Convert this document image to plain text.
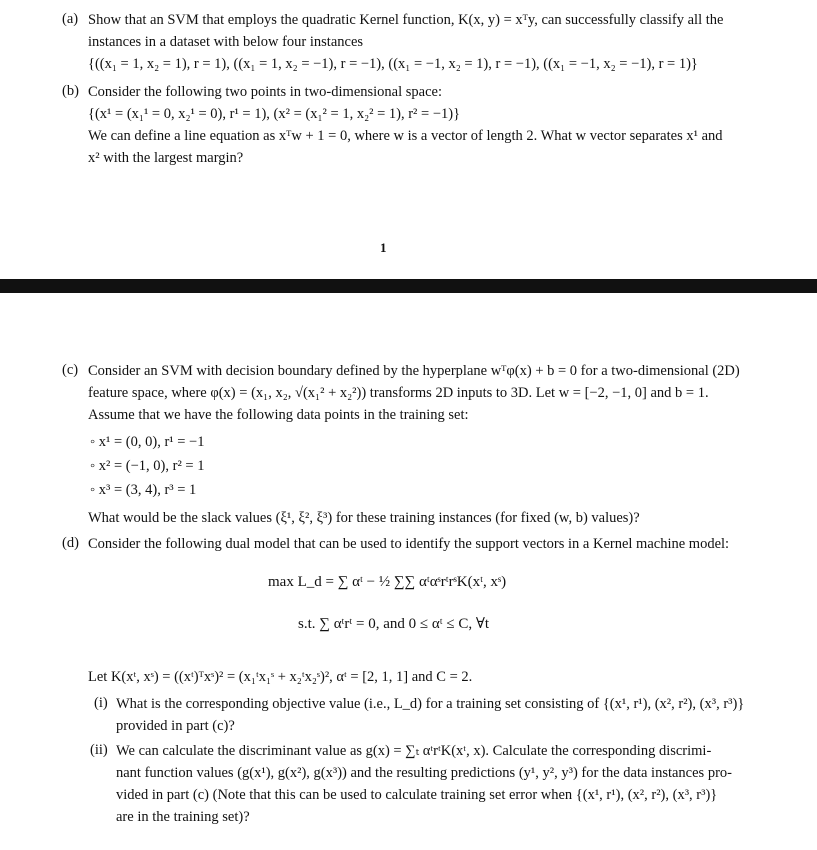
(a) Show that an SVM that employs the quadratic Kernel function, K(x, y) = xᵀy, can successfully classify all the
instances in a dataset with below four instances
{((x₁ = 1, x₂ = 1), r = 1), ((x₁ = 1, x₂ = −1), r = −1), ((x₁ = −1, x₂ = 1), r = −1), ((x₁ = −1, x₂ = −1), r = 1)}
(b) Consider the following two points in two-dimensional space:
{(x¹ = (x₁¹ = 0, x₂¹ = 0), r¹ = 1), (x² = (x₁² = 1, x₂² = 1), r² = −1)}
We can define a line equation as xᵀw + 1 = 0, where w is a vector of length 2. What w vector separates x¹ and
x² with the largest margin?
1
(c) Consider an SVM with decision boundary defined by the hyperplane wᵀφ(x) + b = 0 for a two-dimensional (2D)
feature space, where φ(x) = (x₁, x₂, √(x₁² + x₂²)) transforms 2D inputs to 3D. Let w = [−2, −1, 0] and b = 1.
Assume that we have the following data points in the training set:
◦ x¹ = (0, 0), r¹ = −1
◦ x² = (−1, 0), r² = 1
◦ x³ = (3, 4), r³ = 1
What would be the slack values (ξ¹, ξ², ξ³) for these training instances (for fixed (w, b) values)?
(d) Consider the following dual model that can be used to identify the support vectors in a Kernel machine model:
max L_d = ∑ αᵗ − ½ ∑∑ αᵗαˢrᵗrˢK(xᵗ, xˢ)
s.t. ∑ αᵗrᵗ = 0, and 0 ≤ αᵗ ≤ C, ∀t
Let K(xᵗ, xˢ) = ((xᵗ)ᵀxˢ)² = (x₁ᵗx₁ˢ + x₂ᵗx₂ˢ)², αᵗ = [2, 1, 1] and C = 2.
(i) What is the corresponding objective value (i.e., L_d) for a training set consisting of {(x¹, r¹), (x², r²), (x³, r³)}
provided in part (c)?
(ii) We can calculate the discriminant value as g(x) = ∑ₜ αᵗrᵗK(xᵗ, x). Calculate the corresponding discrimi-
nant function values (g(x¹), g(x²), g(x³)) and the resulting predictions (y¹, y², y³) for the data instances pro-
vided in part (c) (Note that this can be used to calculate training set error when {(x¹, r¹), (x², r²), (x³, r³)}
are in the training set)?
